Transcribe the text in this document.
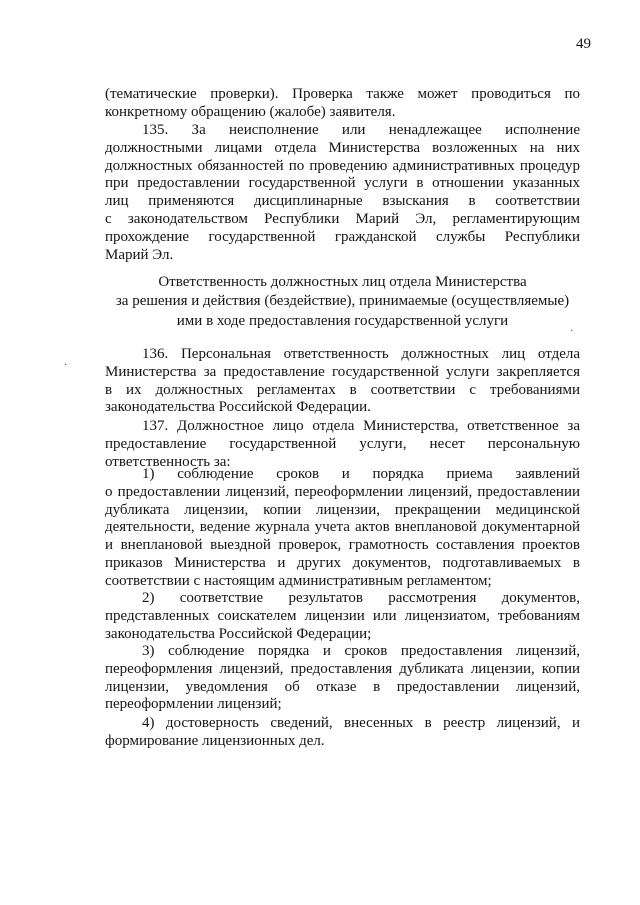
49

(тематические проверки). Проверка также может проводиться по

конкретному обращению (жалобе) заявителя.

135. За неисполнение или ненадлежащее исполнение

должностными лицами отдела Министерства возложенных на них

должностных обязанностей по проведению административных процедур

при предоставлении государственной услуги в отношении указанных

лиц применяются дисциплинарные взыскания в соответствии

с законодательством Республики Марий Эл, регламентирующим

прохождение государственной гражданской службы Республики

Марий Эл.

Ответственность должностных лиц отдела Министерства
за решения и действия (бездействие), принимаемые (осуществляемые)
ими в ходе предоставления государственной услуги

136. Персональная ответственность должностных лиц отдела

Министерства за предоставление государственной услуги закрепляется

в их должностных регламентах в соответствии с требованиями

законодательства Российской Федерации.

137. Должностное лицо отдела Министерства, ответственное за

предоставление государственной услуги, несет персональную

ответственность за:

1) соблюдение сроков и порядка приема заявлений

о предоставлении лицензий, переоформлении лицензий, предоставлении

дубликата лицензии, копии лицензии, прекращении медицинской

деятельности, ведение журнала учета актов внеплановой документарной

и внеплановой выездной проверок, грамотность составления проектов

приказов Министерства и других документов, подготавливаемых в

соответствии с настоящим административным регламентом;

2) соответствие результатов рассмотрения документов,

представленных соискателем лицензии или лицензиатом, требованиям

законодательства Российской Федерации;

3) соблюдение порядка и сроков предоставления лицензий,

переоформления лицензий, предоставления дубликата лицензии, копии

лицензии, уведомления об отказе в предоставлении лицензий,

переоформлении лицензий;

4) достоверность сведений, внесенных в реестр лицензий, и

формирование лицензионных дел.

·
·
